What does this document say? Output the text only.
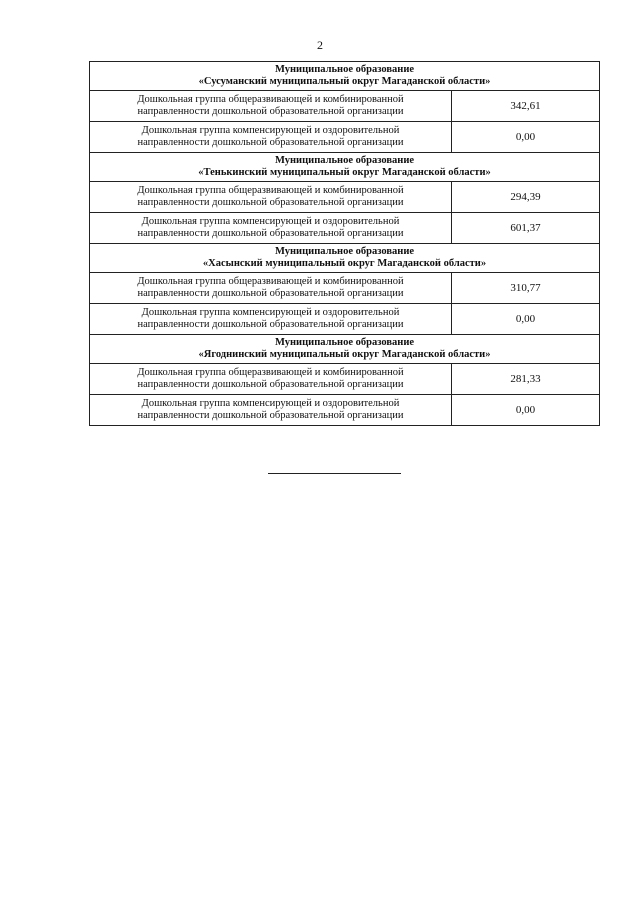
2
Муниципальное образование
«Сусуманский муниципальный округ Магаданской области»	

Дошкольная группа общеразвивающей и комбинированной
направленности дошкольной образовательной организации	342,61
Дошкольная группа компенсирующей и оздоровительной
направленности дошкольной образовательной организации	0,00

Муниципальное образование
«Тенькинский муниципальный округ Магаданской области»	

Дошкольная группа общеразвивающей и комбинированной
направленности дошкольной образовательной организации	294,39
Дошкольная группа компенсирующей и оздоровительной
направленности дошкольной образовательной организации	601,37

Муниципальное образование
«Хасынский муниципальный округ Магаданской области»	

Дошкольная группа общеразвивающей и комбинированной
направленности дошкольной образовательной организации	310,77
Дошкольная группа компенсирующей и оздоровительной
направленности дошкольной образовательной организации	0,00

Муниципальное образование
«Ягоднинский муниципальный округ Магаданской области»	

Дошкольная группа общеразвивающей и комбинированной
направленности дошкольной образовательной организации	281,33
Дошкольная группа компенсирующей и оздоровительной
направленности дошкольной образовательной организации	0,00
